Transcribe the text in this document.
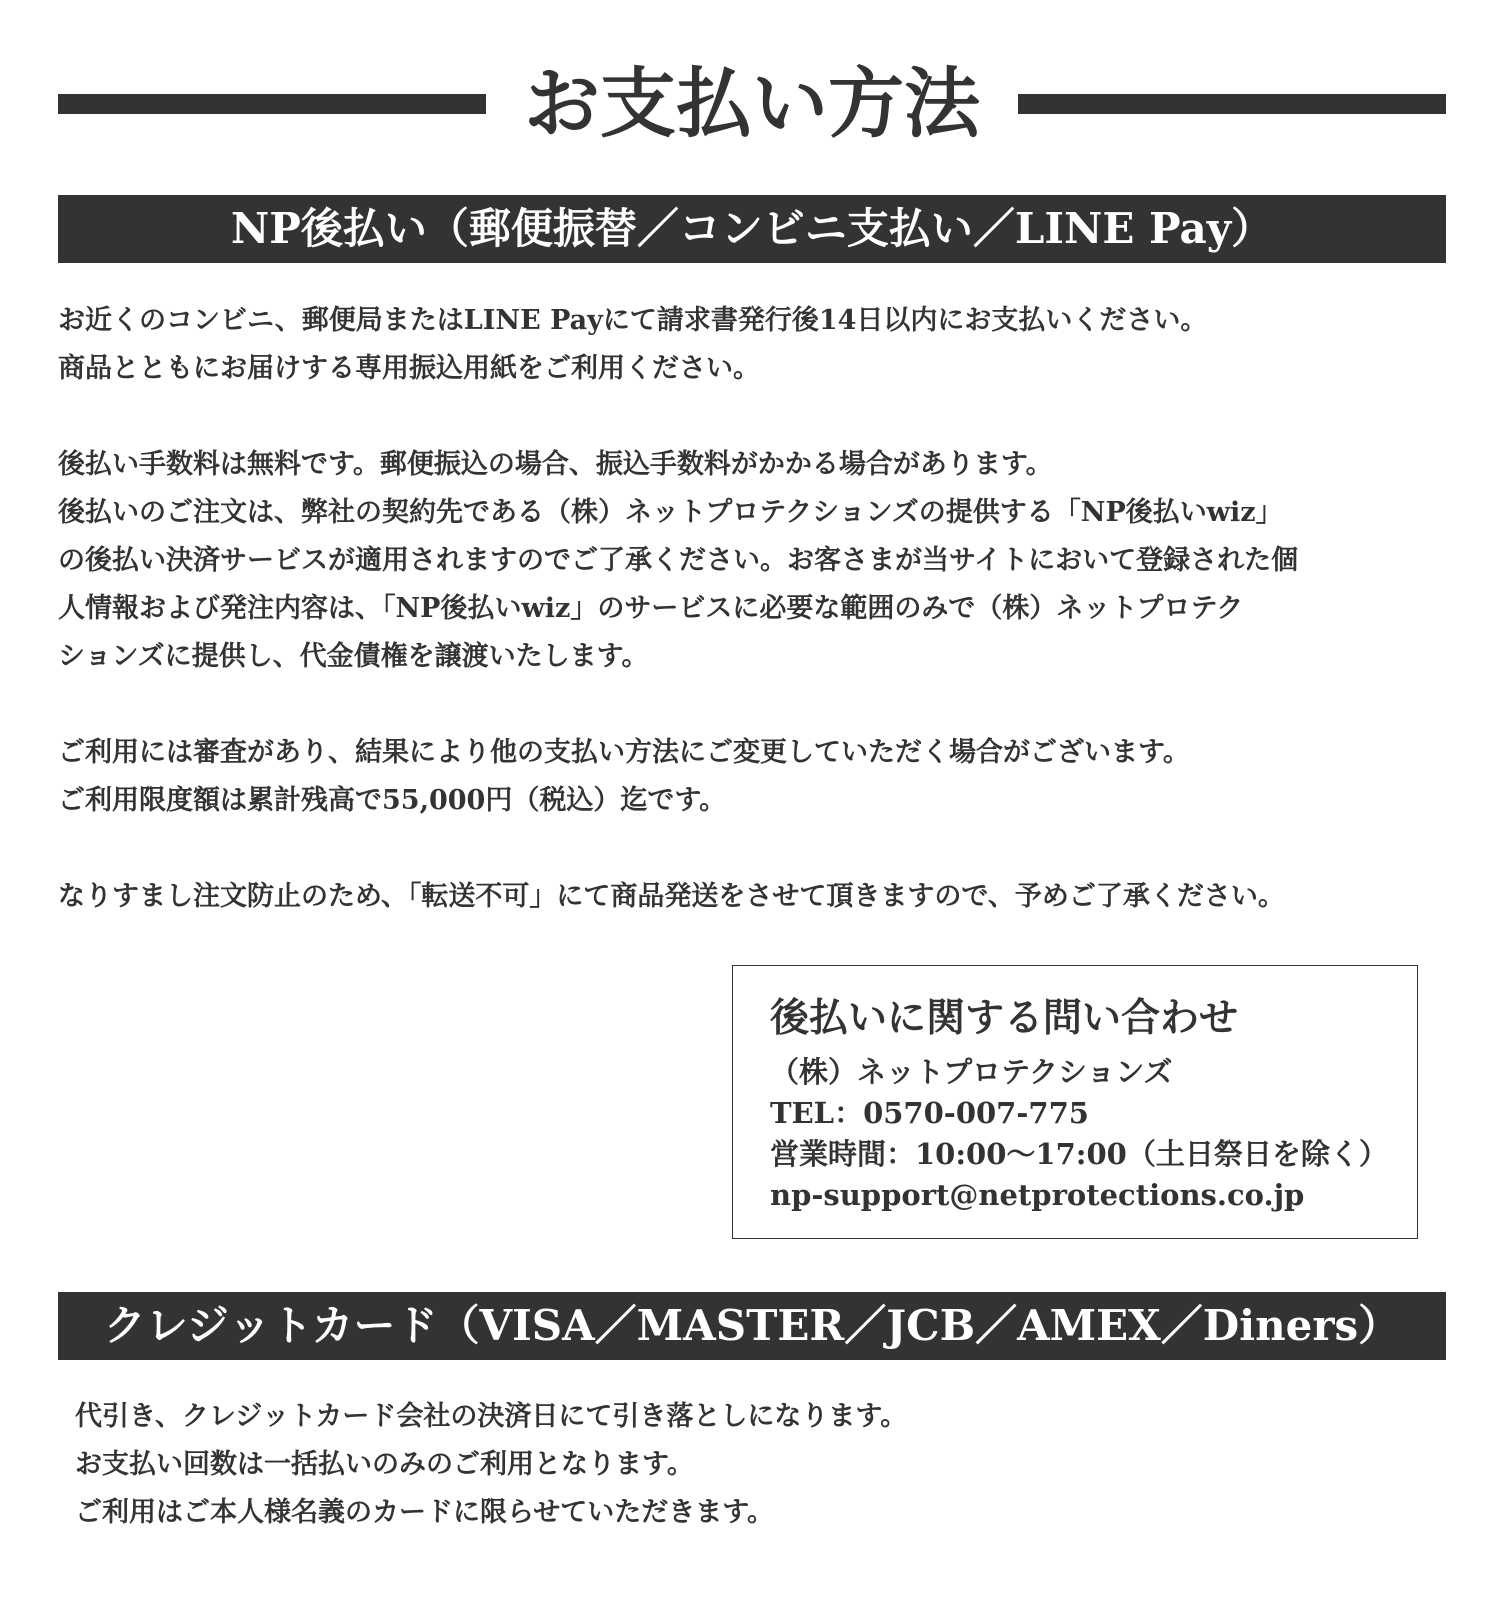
お支払い方法
NP後払い（郵便振替／コンビニ支払い／LINE Pay）

お近くのコンビニ、郵便局またはLINE Payにて請求書発行後14日以内にお支払いください。

商品とともにお届けする専用振込用紙をご利用ください。

後払い手数料は無料です。郵便振込の場合、振込手数料がかかる場合があります。

後払いのご注文は、弊社の契約先である（株）ネットプロテクションズの提供する「NP後払いwiz」

の後払い決済サービスが適用されますのでご了承ください。お客さまが当サイトにおいて登録された個

人情報および発注内容は、「NP後払いwiz」のサービスに必要な範囲のみで（株）ネットプロテク

ションズに提供し、代金債権を譲渡いたします。

ご利用には審査があり、結果により他の支払い方法にご変更していただく場合がございます。

ご利用限度額は累計残高で55,000円（税込）迄です。

なりすまし注文防止のため、「転送不可」にて商品発送をさせて頂きますので、予めご了承ください。

後払いに関する問い合わせ

（株）ネットプロテクションズ

TEL：0570-007-775

営業時間：10:00〜17:00（土日祭日を除く）

np-support@netprotections.co.jp

クレジットカード（VISA／MASTER／JCB／AMEX／Diners）

代引き、クレジットカード会社の決済日にて引き落としになります。

お支払い回数は一括払いのみのご利用となります。

ご利用はご本人様名義のカードに限らせていただきます。
